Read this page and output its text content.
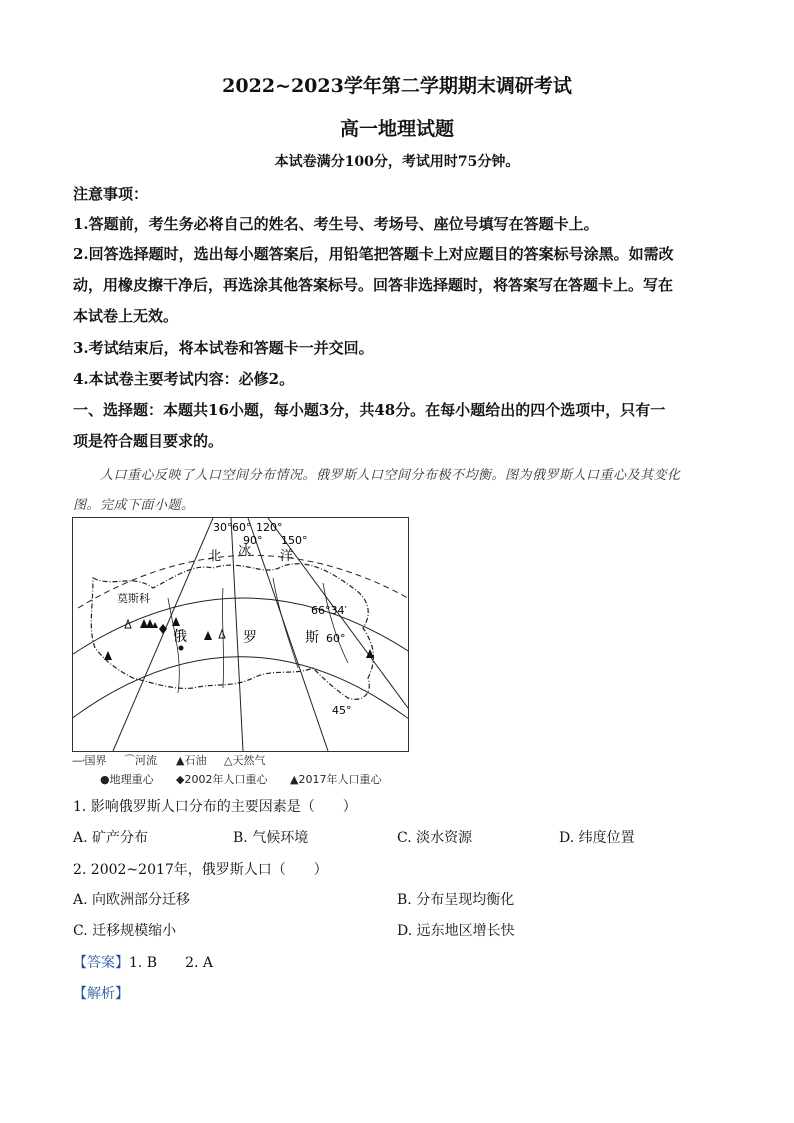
2022~2023学年第二学期期末调研考试
高一地理试题
本试卷满分100分，考试用时75分钟。
注意事项：
1.答题前，考生务必将自己的姓名、考生号、考场号、座位号填写在答题卡上。
2.回答选择题时，选出每小题答案后，用铅笔把答题卡上对应题目的答案标号涂黑。如需改
动，用橡皮擦干净后，再选涂其他答案标号。回答非选择题时，将答案写在答题卡上。写在
本试卷上无效。
3.考试结束后，将本试卷和答题卡一并交回。
4.本试卷主要考试内容：必修2。
一、选择题：本题共16小题，每小题3分，共48分。在每小题给出的四个选项中，只有一
项是符合题目要求的。
人口重心反映了人口空间分布情况。俄罗斯人口空间分布极不均衡。图为俄罗斯人口重心及其变化
图。完成下面小题。
30° 60° 120°
90° 150°
北 冰 洋
66°34′
莫斯科
俄	罗	斯 60°
45°
—·国界 ⌒河流 ▲石油 △天然气
●地理重心 ◆2002年人口重心 ▲2017年人口重心
1. 影响俄罗斯人口分布的主要因素是（　　）
A. 矿产分布	B. 气候环境	C. 淡水资源	D. 纬度位置
2. 2002~2017年，俄罗斯人口（　　）
A. 向欧洲部分迁移	B. 分布呈现均衡化
C. 迁移规模缩小	D. 远东地区增长快
【答案】1. B　　2. A
【解析】
